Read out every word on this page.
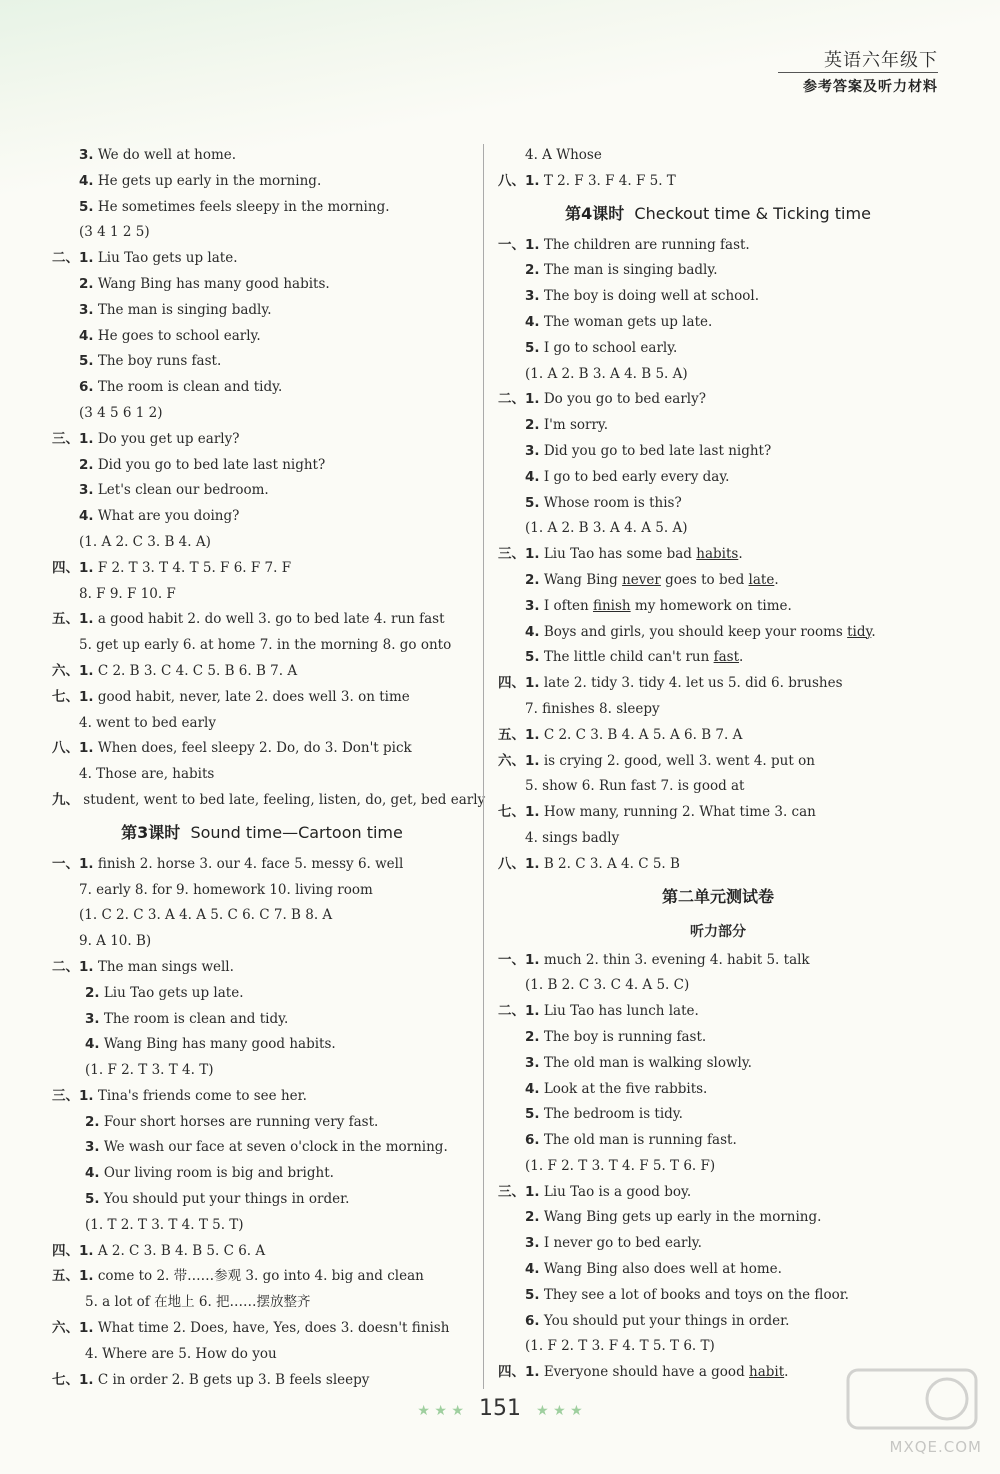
英语六年级下
参考答案及听力材料
3. We do well at home.
4. He gets up early in the morning.
5. He sometimes feels sleepy in the morning.
(3 4 1 2 5)
二、1. Liu Tao gets up late.
2. Wang Bing has many good habits.
3. The man is singing badly.
4. He goes to school early.
5. The boy runs fast.
6. The room is clean and tidy.
(3 4 5 6 1 2)
三、1. Do you get up early?
2. Did you go to bed late last night?
3. Let's clean our bedroom.
4. What are you doing?
(1. A 2. C 3. B 4. A)
四、1. F 2. T 3. T 4. T 5. F 6. F 7. F
8. F 9. F 10. F
五、1. a good habit 2. do well 3. go to bed late 4. run fast
5. get up early 6. at home 7. in the morning 8. go onto
六、1. C 2. B 3. C 4. C 5. B 6. B 7. A
七、1. good habit, never, late 2. does well 3. on time
4. went to bed early
八、1. When does, feel sleepy 2. Do, do 3. Don't pick
4. Those are, habits
九、 student, went to bed late, feeling, listen, do, get, bed early
第3课时 Sound time—Cartoon time
一、1. finish 2. horse 3. our 4. face 5. messy 6. well
7. early 8. for 9. homework 10. living room
(1. C 2. C 3. A 4. A 5. C 6. C 7. B 8. A
9. A 10. B)
二、1. The man sings well.
2. Liu Tao gets up late.
3. The room is clean and tidy.
4. Wang Bing has many good habits.
(1. F 2. T 3. T 4. T)
三、1. Tina's friends come to see her.
2. Four short horses are running very fast.
3. We wash our face at seven o'clock in the morning.
4. Our living room is big and bright.
5. You should put your things in order.
(1. T 2. T 3. T 4. T 5. T)
四、1. A 2. C 3. B 4. B 5. C 6. A
五、1. come to 2. 带……参观 3. go into 4. big and clean
5. a lot of 在地上 6. 把……摆放整齐
六、1. What time 2. Does, have, Yes, does 3. doesn't finish
4. Where are 5. How do you
七、1. C in order 2. B gets up 3. B feels sleepy
4. A Whose
八、1. T 2. F 3. F 4. F 5. T
第4课时 Checkout time & Ticking time
一、1. The children are running fast.
2. The man is singing badly.
3. The boy is doing well at school.
4. The woman gets up late.
5. I go to school early.
(1. A 2. B 3. A 4. B 5. A)
二、1. Do you go to bed early?
2. I'm sorry.
3. Did you go to bed late last night?
4. I go to bed early every day.
5. Whose room is this?
(1. A 2. B 3. A 4. A 5. A)
三、1. Liu Tao has some bad habits.
2. Wang Bing never goes to bed late.
3. I often finish my homework on time.
4. Boys and girls, you should keep your rooms tidy.
5. The little child can't run fast.
四、1. late 2. tidy 3. tidy 4. let us 5. did 6. brushes
7. finishes 8. sleepy
五、1. C 2. C 3. B 4. A 5. A 6. B 7. A
六、1. is crying 2. good, well 3. went 4. put on
5. show 6. Run fast 7. is good at
七、1. How many, running 2. What time 3. can
4. sings badly
八、1. B 2. C 3. A 4. C 5. B
第二单元测试卷
听力部分
一、1. much 2. thin 3. evening 4. habit 5. talk
(1. B 2. C 3. C 4. A 5. C)
二、1. Liu Tao has lunch late.
2. The boy is running fast.
3. The old man is walking slowly.
4. Look at the five rabbits.
5. The bedroom is tidy.
6. The old man is running fast.
(1. F 2. T 3. T 4. F 5. T 6. F)
三、1. Liu Tao is a good boy.
2. Wang Bing gets up early in the morning.
3. I never go to bed early.
4. Wang Bing also does well at home.
5. They see a lot of books and toys on the floor.
6. You should put your things in order.
(1. F 2. T 3. F 4. T 5. T 6. T)
四、1. Everyone should have a good habit.
★ ★ ★ 151 ★ ★ ★
MXQE.COM
